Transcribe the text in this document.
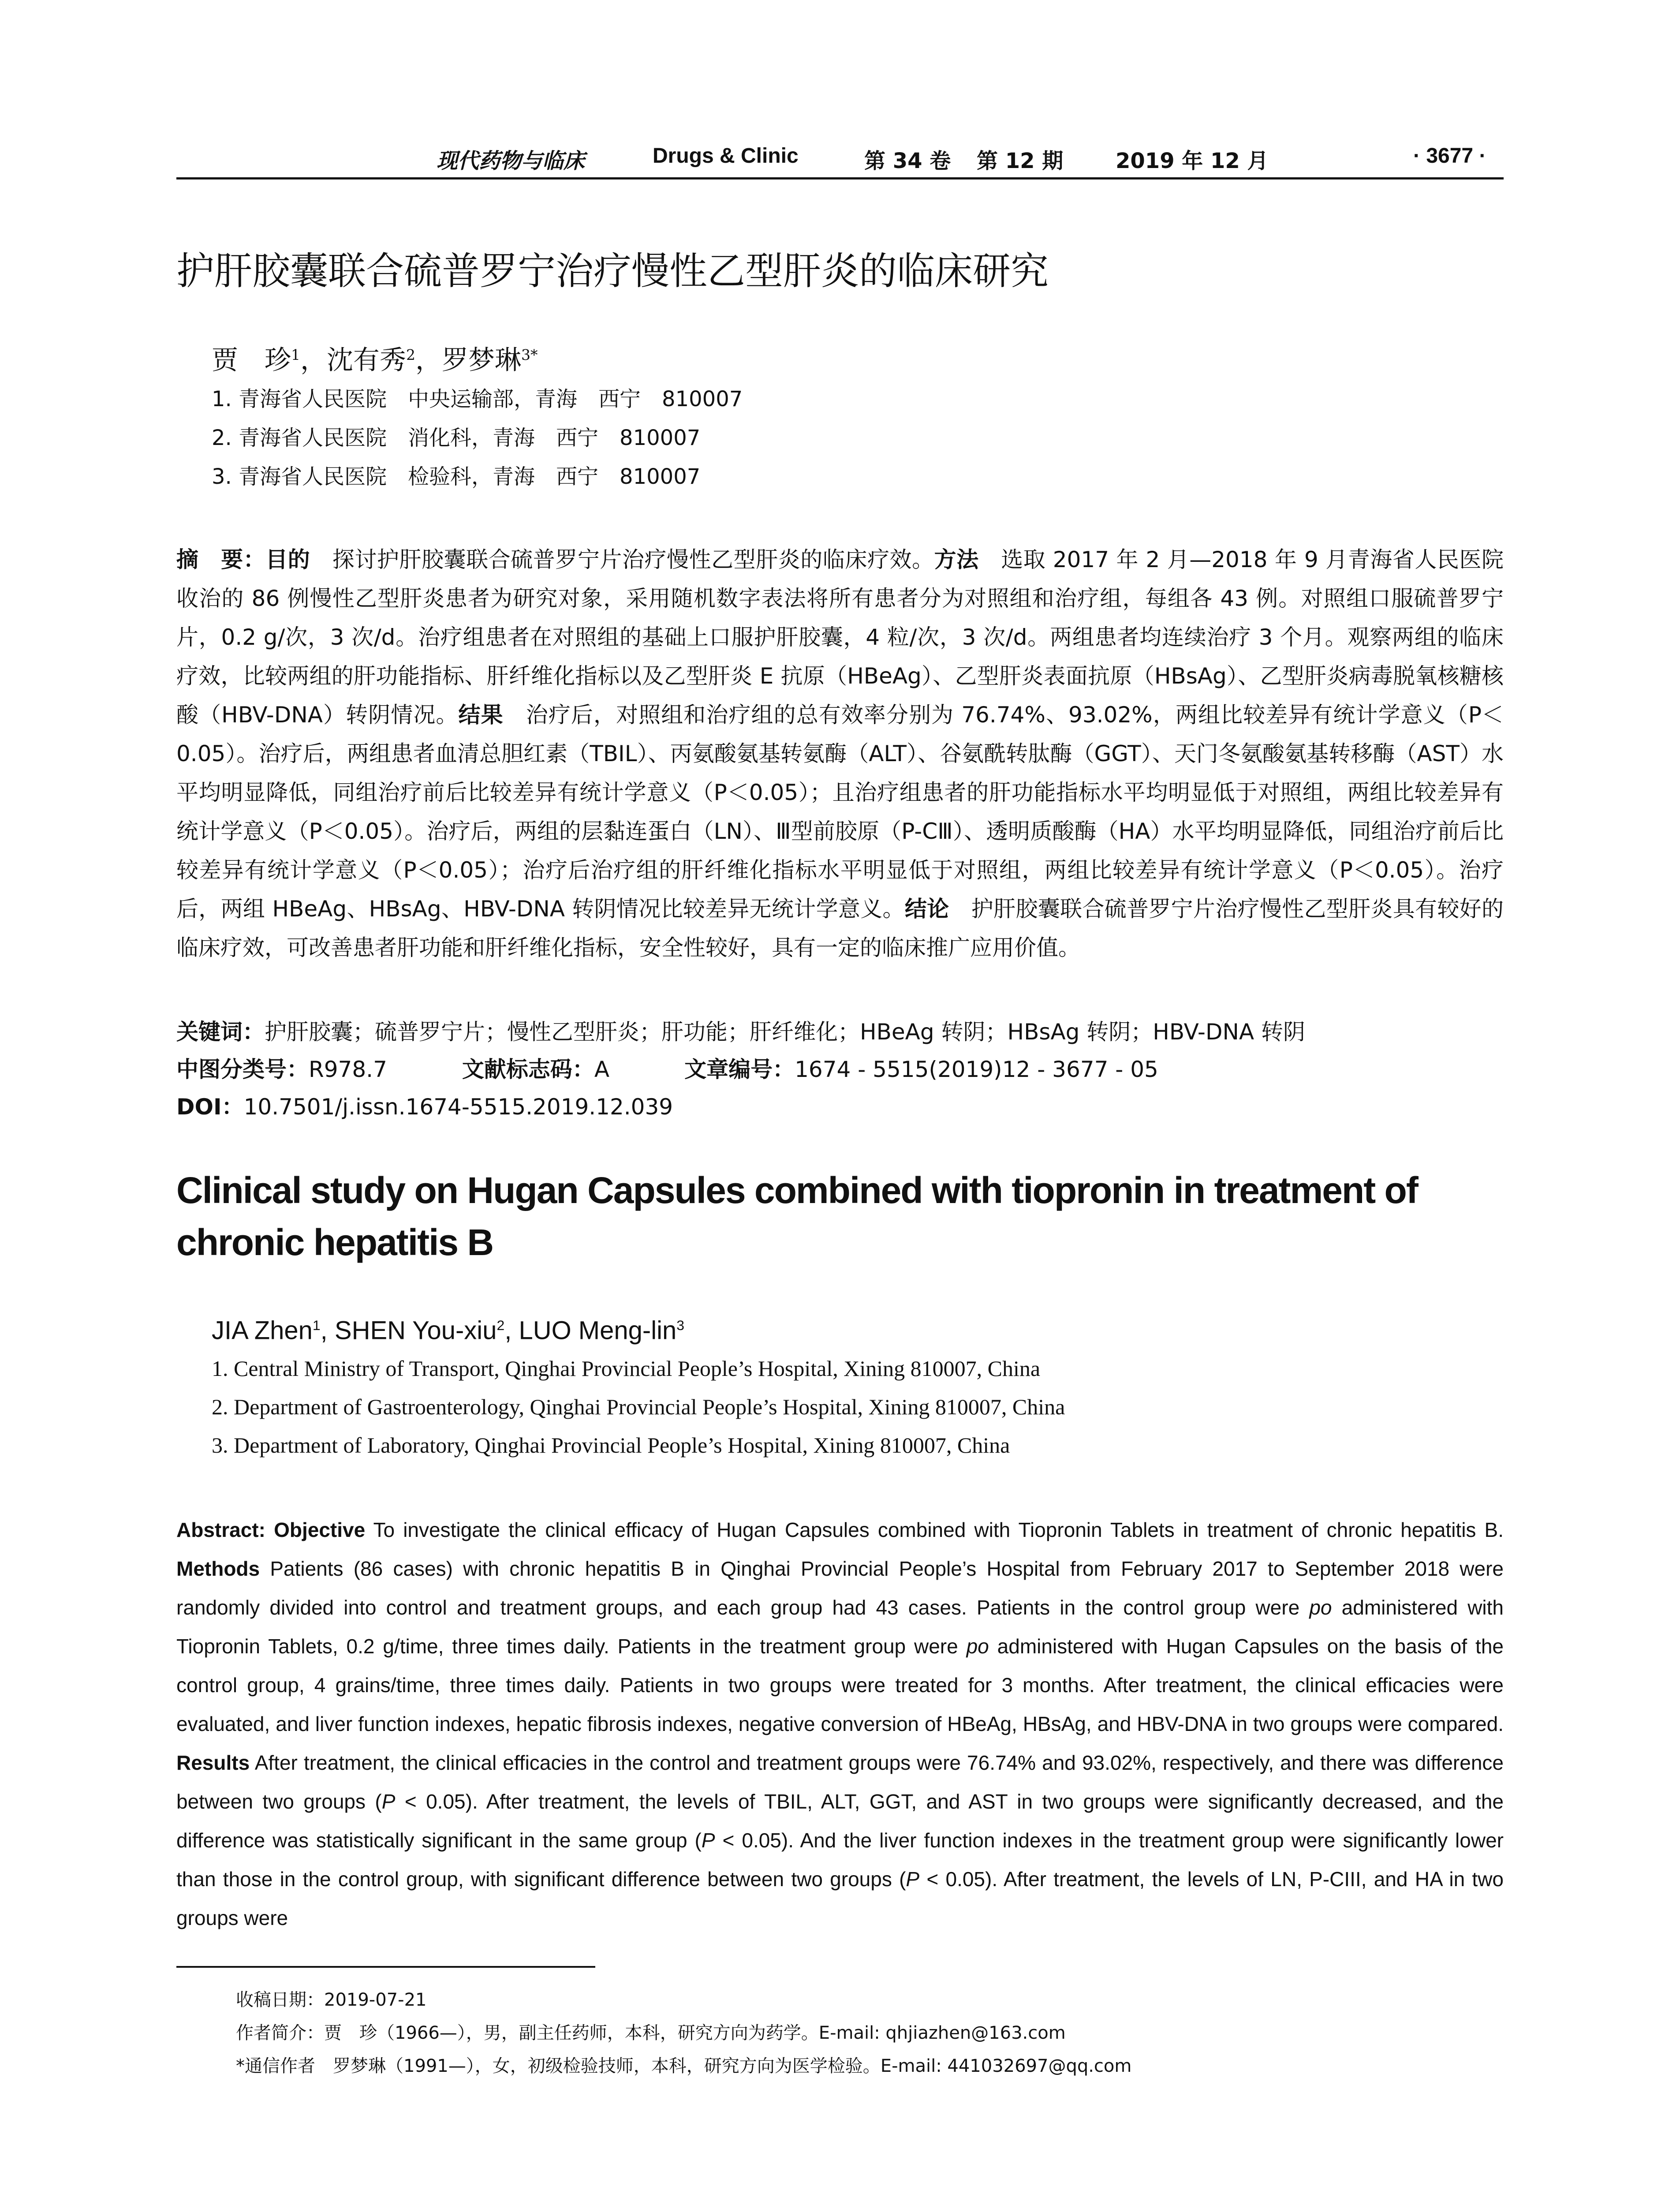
现代药物与临床	Drugs & Clinic	第 34 卷 第 12 期 2019 年 12 月	· 3677 ·
护肝胶囊联合硫普罗宁治疗慢性乙型肝炎的临床研究
贾　珍$^1$，沈有秀$^2$，罗梦琳$^{3*}$
1. 青海省人民医院　中央运输部，青海　西宁　810007
2. 青海省人民医院　消化科，青海　西宁　810007
3. 青海省人民医院　检验科，青海　西宁　810007
摘　要：目的　探讨护肝胶囊联合硫普罗宁片治疗慢性乙型肝炎的临床疗效。方法　选取 2017 年 2 月—2018 年 9 月青海省人民医院收治的 86 例慢性乙型肝炎患者为研究对象，采用随机数字表法将所有患者分为对照组和治疗组，每组各 43 例。对照组口服硫普罗宁片，0.2 g/次，3 次/d。治疗组患者在对照组的基础上口服护肝胶囊，4 粒/次，3 次/d。两组患者均连续治疗 3 个月。观察两组的临床疗效，比较两组的肝功能指标、肝纤维化指标以及乙型肝炎 E 抗原（HBeAg）、乙型肝炎表面抗原（HBsAg）、乙型肝炎病毒脱氧核糖核酸（HBV-DNA）转阴情况。结果　治疗后，对照组和治疗组的总有效率分别为 76.74%、93.02%，两组比较差异有统计学意义（P＜0.05）。治疗后，两组患者血清总胆红素（TBIL）、丙氨酸氨基转氨酶（ALT）、谷氨酰转肽酶（GGT）、天门冬氨酸氨基转移酶（AST）水平均明显降低，同组治疗前后比较差异有统计学意义（P＜0.05）；且治疗组患者的肝功能指标水平均明显低于对照组，两组比较差异有统计学意义（P＜0.05）。治疗后，两组的层黏连蛋白（LN）、Ⅲ型前胶原（P-CⅢ）、透明质酸酶（HA）水平均明显降低，同组治疗前后比较差异有统计学意义（P＜0.05）；治疗后治疗组的肝纤维化指标水平明显低于对照组，两组比较差异有统计学意义（P＜0.05）。治疗后，两组 HBeAg、HBsAg、HBV-DNA 转阴情况比较差异无统计学意义。结论　护肝胶囊联合硫普罗宁片治疗慢性乙型肝炎具有较好的临床疗效，可改善患者肝功能和肝纤维化指标，安全性较好，具有一定的临床推广应用价值。
关键词：护肝胶囊；硫普罗宁片；慢性乙型肝炎；肝功能；肝纤维化；HBeAg 转阴；HBsAg 转阴；HBV-DNA 转阴
中图分类号：R978.7	文献标志码：A	文章编号：1674 - 5515(2019)12 - 3677 - 05
DOI：10.7501/j.issn.1674-5515.2019.12.039
Clinical study on Hugan Capsules combined with tiopronin in treatment of chronic hepatitis B
JIA Zhen$^1$, SHEN You-xiu$^2$, LUO Meng-lin$^3$
1. Central Ministry of Transport, Qinghai Provincial People’s Hospital, Xining 810007, China
2. Department of Gastroenterology, Qinghai Provincial People’s Hospital, Xining 810007, China
3. Department of Laboratory, Qinghai Provincial People’s Hospital, Xining 810007, China
Abstract: Objective To investigate the clinical efficacy of Hugan Capsules combined with Tiopronin Tablets in treatment of chronic hepatitis B. Methods Patients (86 cases) with chronic hepatitis B in Qinghai Provincial People’s Hospital from February 2017 to September 2018 were randomly divided into control and treatment groups, and each group had 43 cases. Patients in the control group were po administered with Tiopronin Tablets, 0.2 g/time, three times daily. Patients in the treatment group were po administered with Hugan Capsules on the basis of the control group, 4 grains/time, three times daily. Patients in two groups were treated for 3 months. After treatment, the clinical efficacies were evaluated, and liver function indexes, hepatic fibrosis indexes, negative conversion of HBeAg, HBsAg, and HBV-DNA in two groups were compared. Results After treatment, the clinical efficacies in the control and treatment groups were 76.74% and 93.02%, respectively, and there was difference between two groups (P < 0.05). After treatment, the levels of TBIL, ALT, GGT, and AST in two groups were significantly decreased, and the difference was statistically significant in the same group (P < 0.05). And the liver function indexes in the treatment group were significantly lower than those in the control group, with significant difference between two groups (P < 0.05). After treatment, the levels of LN, P-CIII, and HA in two groups were
收稿日期：2019-07-21
作者简介：贾　珍（1966—），男，副主任药师，本科，研究方向为药学。E-mail: qhjiazhen@163.com
*通信作者　罗梦琳（1991—），女，初级检验技师，本科，研究方向为医学检验。E-mail: 441032697@qq.com
